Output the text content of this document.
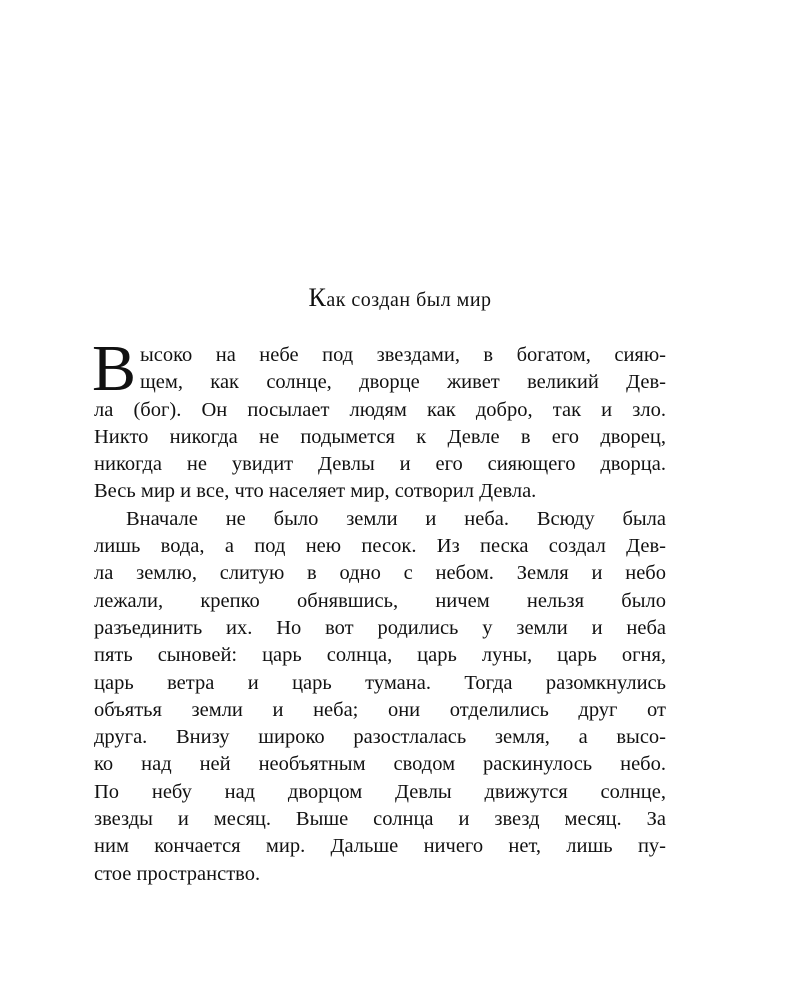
Как создан был мир
В ысоко на небе под звездами, в богатом, сияю-
щем, как солнце, дворце живет великий Дев-
ла (бог). Он посылает людям как добро, так и зло.
Никто никогда не подымется к Девле в его дворец,
никогда не увидит Девлы и его сияющего дворца.
Весь мир и все, что населяет мир, сотворил Девла.
Вначале не было земли и неба. Всюду была
лишь вода, а под нею песок. Из песка создал Дев-
ла землю, слитую в одно с небом. Земля и небо
лежали, крепко обнявшись, ничем нельзя было
разъединить их. Но вот родились у земли и неба
пять сыновей: царь солнца, царь луны, царь огня,
царь ветра и царь тумана. Тогда разомкнулись
объятья земли и неба; они отделились друг от
друга. Внизу широко разостлалась земля, а высо-
ко над ней необъятным сводом раскинулось небо.
По небу над дворцом Девлы движутся солнце,
звезды и месяц. Выше солнца и звезд месяц. За
ним кончается мир. Дальше ничего нет, лишь пу-
стое пространство.
